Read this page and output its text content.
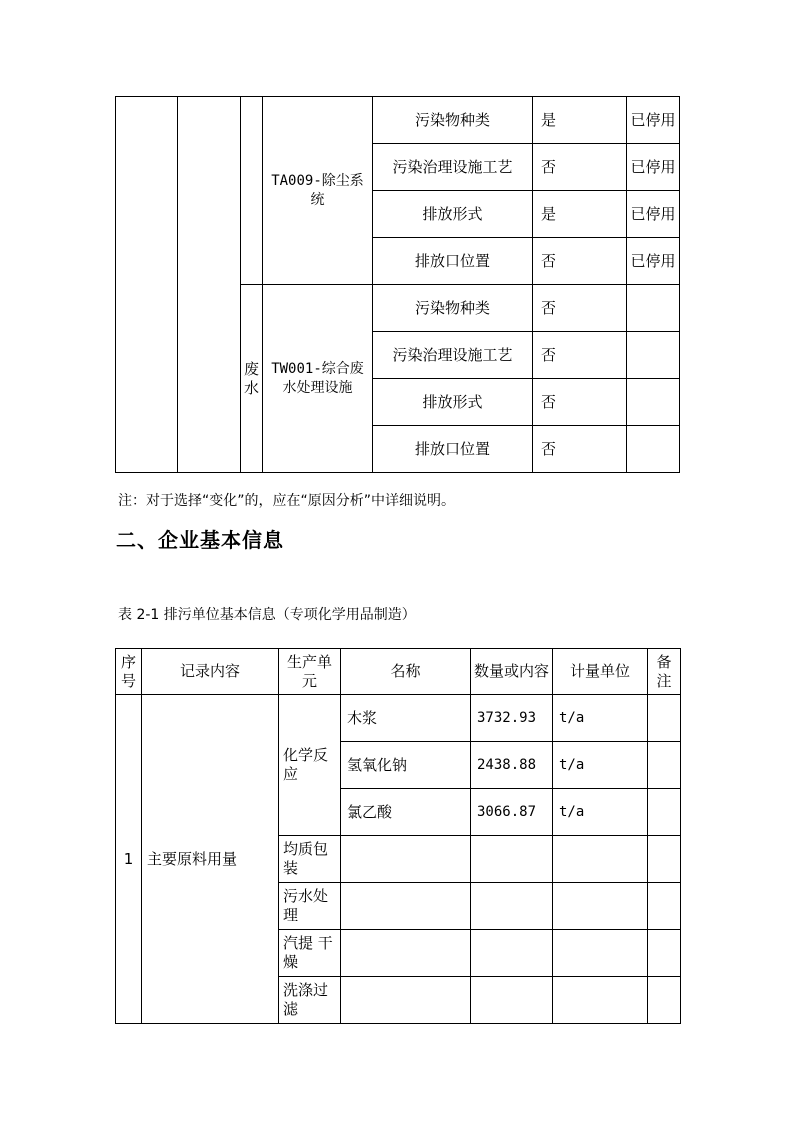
			TA009-除尘系统	污染物种类	是	已停用
				污染治理设施工艺	否	已停用
				排放形式	是	已停用
				排放口位置	否	已停用
		废水	TW001-综合废水处理设施	污染物种类	否	
				污染治理设施工艺	否	
				排放形式	否	
				排放口位置	否	

注：对于选择“变化”的，应在“原因分析”中详细说明。

二、企业基本信息

表 2-1 排污单位基本信息（专项化学用品制造）

序号	记录内容	生产单元	名称	数量或内容	计量单位	备注
1	主要原料用量	化学反应	木浆	3732.93	t/a	
			氢氧化钠	2438.88	t/a	
			氯乙酸	3066.87	t/a	
		均质包装				
		污水处理				
		汽提 干燥				
		洗涤过滤				
